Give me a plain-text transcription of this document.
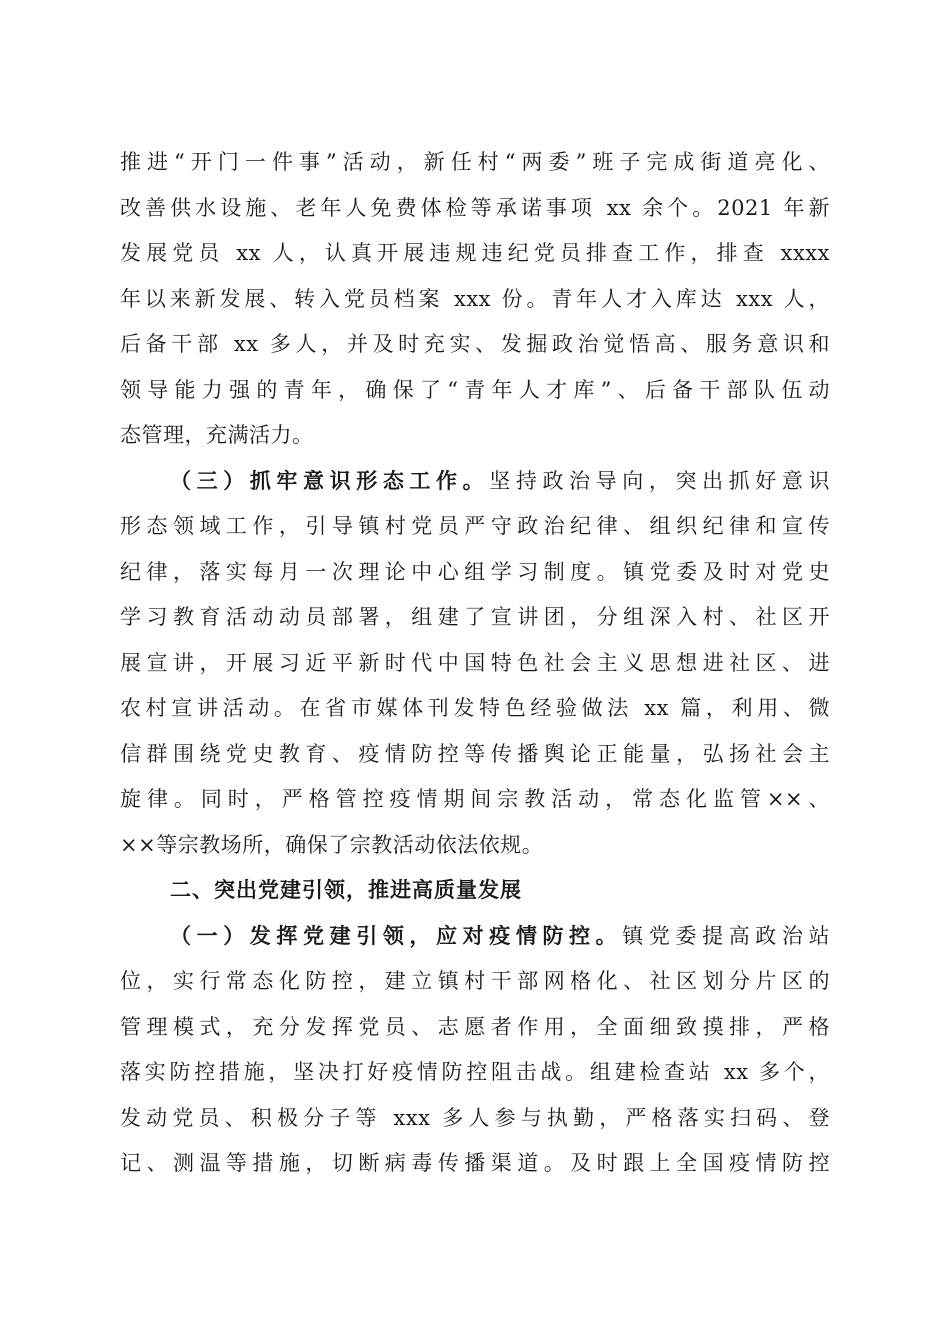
推进“开门一件事”活动，新任村“两委”班子完成街道亮化、
改善供水设施、老年人免费体检等承诺事项 xx 余个。2021 年新
发展党员 xx 人，认真开展违规违纪党员排查工作，排查 xxxx
年以来新发展、转入党员档案 xxx 份。青年人才入库达 xxx 人，
后备干部 xx 多人，并及时充实、发掘政治觉悟高、服务意识和
领导能力强的青年，确保了“青年人才库”、后备干部队伍动
态管理，充满活力。
（三）抓牢意识形态工作。坚持政治导向，突出抓好意识
形态领域工作，引导镇村党员严守政治纪律、组织纪律和宣传
纪律，落实每月一次理论中心组学习制度。镇党委及时对党史
学习教育活动动员部署，组建了宣讲团，分组深入村、社区开
展宣讲，开展习近平新时代中国特色社会主义思想进社区、进
农村宣讲活动。在省市媒体刊发特色经验做法 xx 篇，利用、微
信群围绕党史教育、疫情防控等传播舆论正能量，弘扬社会主
旋律。同时，严格管控疫情期间宗教活动，常态化监管××、
××等宗教场所，确保了宗教活动依法依规。
二、突出党建引领，推进高质量发展
（一）发挥党建引领，应对疫情防控。镇党委提高政治站
位，实行常态化防控，建立镇村干部网格化、社区划分片区的
管理模式，充分发挥党员、志愿者作用，全面细致摸排，严格
落实防控措施，坚决打好疫情防控阻击战。组建检查站 xx 多个，
发动党员、积极分子等 xxx 多人参与执勤，严格落实扫码、登
记、测温等措施，切断病毒传播渠道。及时跟上全国疫情防控
